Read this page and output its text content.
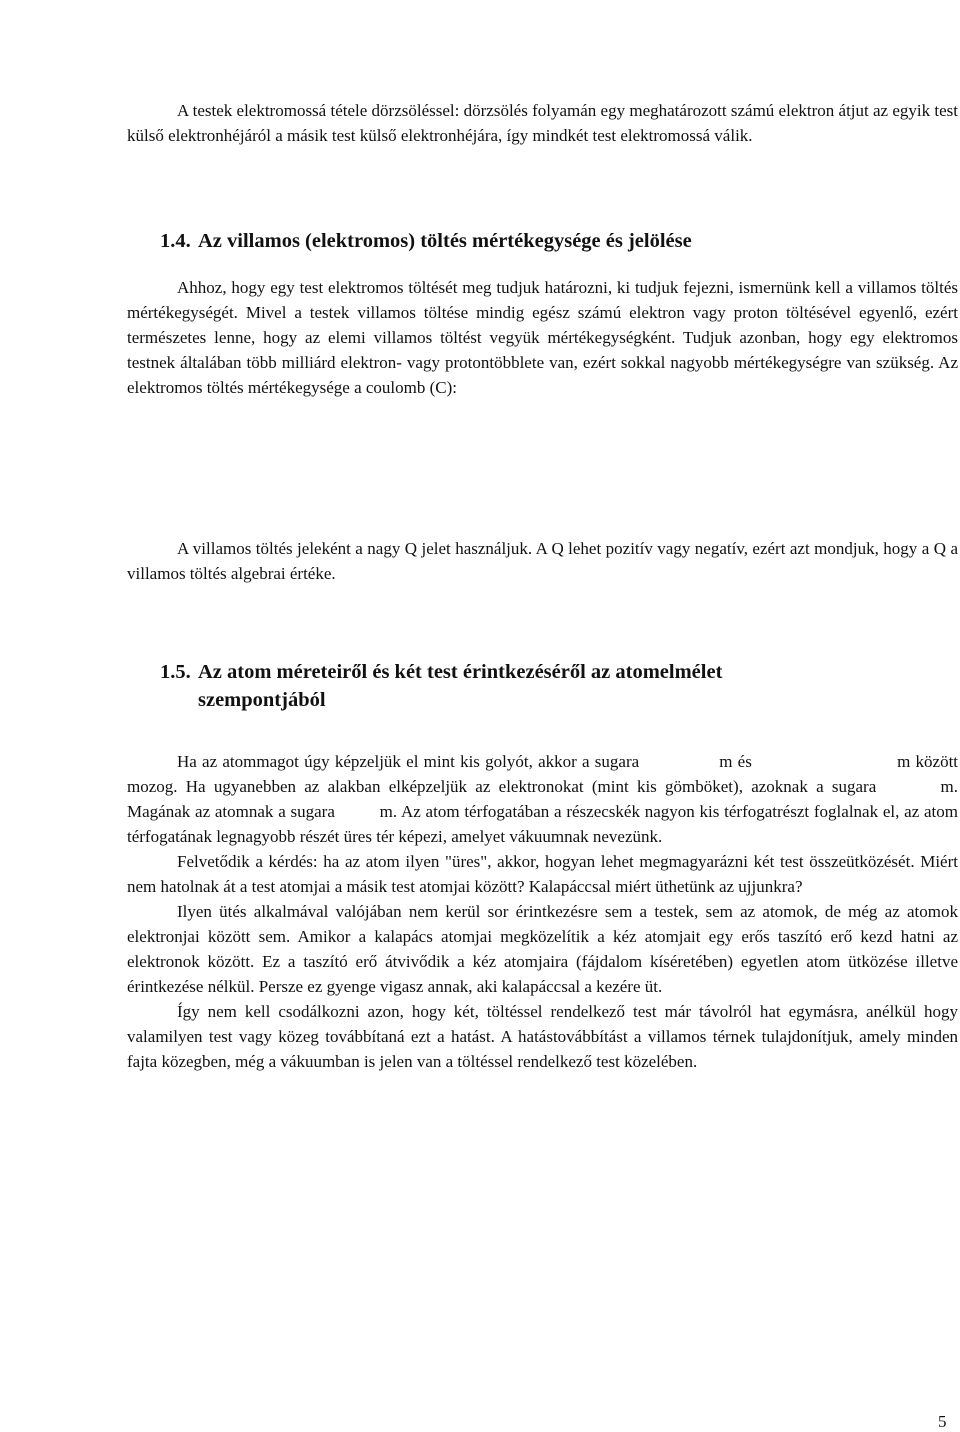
A testek elektromossá tétele dörzsöléssel: dörzsölés folyamán egy meghatározott számú elektron átjut az egyik test külső elektronhéjáról a másik test külső elektronhéjára, így mindkét test elektromossá válik.

1.4. Az villamos (elektromos) töltés mértékegysége és jelölése

Ahhoz, hogy egy test elektromos töltését meg tudjuk határozni, ki tudjuk fejezni, ismernünk kell a villamos töltés mértékegységét. Mivel a testek villamos töltése mindig egész számú elektron vagy proton töltésével egyenlő, ezért természetes lenne, hogy az elemi villamos töltést vegyük mértékegységként. Tudjuk azonban, hogy egy elektromos testnek általában több milliárd elektron- vagy protontöbblete van, ezért sokkal nagyobb mértékegységre van szükség. Az elektromos töltés mértékegysége a coulomb (C):

A villamos töltés jeleként a nagy Q jelet használjuk. A Q lehet pozitív vagy negatív, ezért azt mondjuk, hogy a Q a villamos töltés algebrai értéke.

1.5. Az atom méreteiről és két test érintkezéséről az atomelmélet
szempontjából

Ha az atommagot úgy képzeljük el mint kis golyót, akkor a sugara	m és	m között mozog. Ha ugyanebben az alakban elképzeljük az elektronokat (mint kis gömböket), azoknak a sugara	m. Magának az atomnak a sugara	m. Az atom térfogatában a részecskék nagyon kis térfogatrészt foglalnak el, az atom térfogatának legnagyobb részét üres tér képezi, amelyet vákuumnak nevezünk.

Felvetődik a kérdés: ha az atom ilyen "üres", akkor, hogyan lehet megmagyarázni két test összeütközését. Miért nem hatolnak át a test atomjai a másik test atomjai között? Kalapáccsal miért üthetünk az ujjunkra?

Ilyen ütés alkalmával valójában nem kerül sor érintkezésre sem a testek, sem az atomok, de még az atomok elektronjai között sem. Amikor a kalapács atomjai megközelítik a kéz atomjait egy erős taszító erő kezd hatni az elektronok között. Ez a taszító erő átvivődik a kéz atomjaira (fájdalom kíséretében) egyetlen atom ütközése illetve érintkezése nélkül. Persze ez gyenge vigasz annak, aki kalapáccsal a kezére üt.

Így nem kell csodálkozni azon, hogy két, töltéssel rendelkező test már távolról hat egymásra, anélkül hogy valamilyen test vagy közeg továbbítaná ezt a hatást. A hatástovábbítást a villamos térnek tulajdonítjuk, amely minden fajta közegben, még a vákuumban is jelen van a töltéssel rendelkező test közelében.

5
